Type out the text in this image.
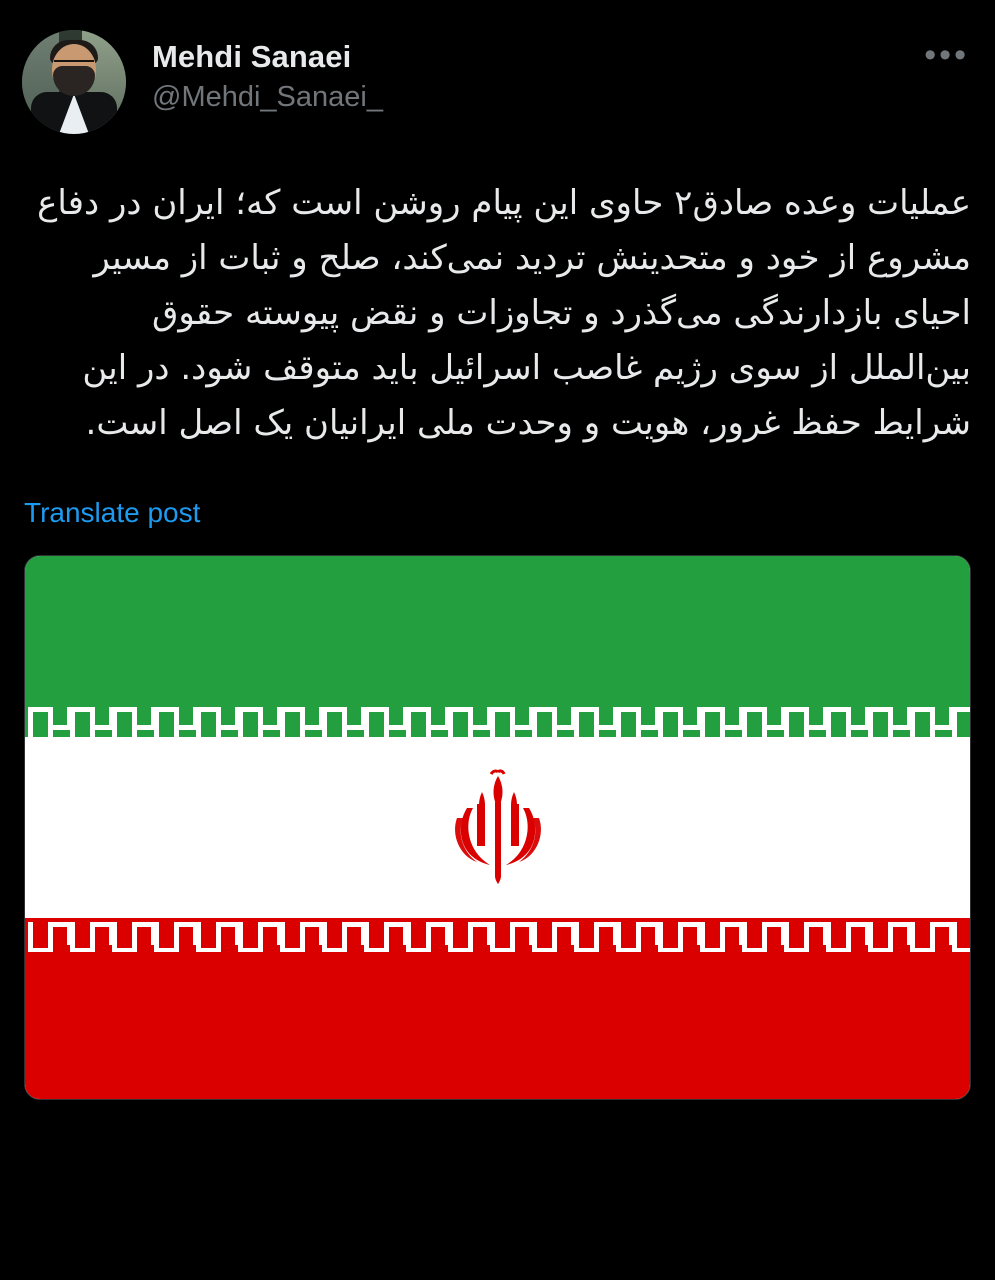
Mehdi Sanaei
@Mehdi_Sanaei_
•••
عملیات وعده صادق۲ حاوی این پیام روشن است که؛ ایران در دفاع مشروع از خود و متحدینش تردید نمی‌کند، صلح و ثبات از مسیر احیای بازدارندگی می‌گذرد و تجاوزات و نقض پیوسته حقوق بین‌الملل از سوی رژیم غاصب اسرائیل باید متوقف شود. در این شرایط حفظ غرور، هویت و وحدت ملی ایرانیان یک اصل است.
Translate post
